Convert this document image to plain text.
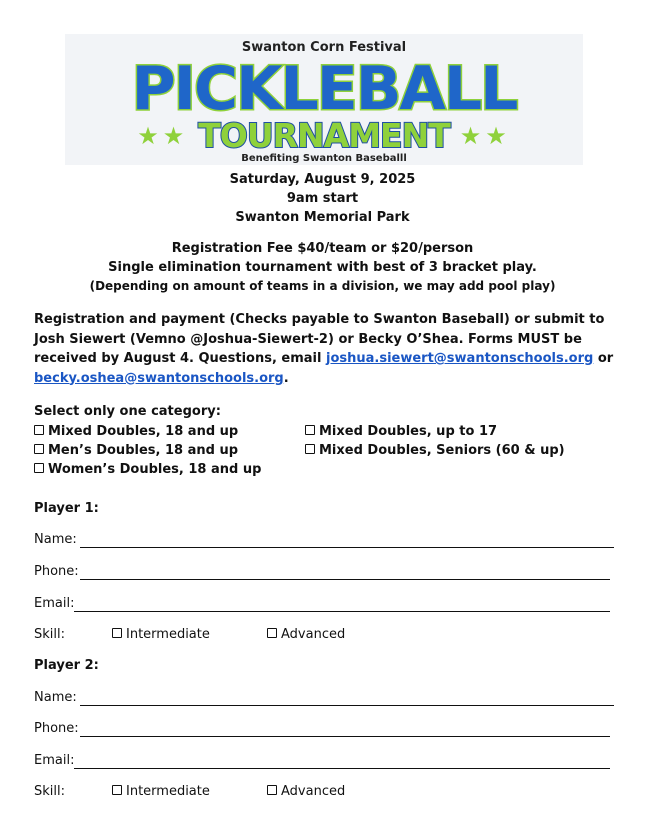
Swanton Corn Festival
PICKLEBALL
★★ TOURNAMENT ★★
Benefiting Swanton Baseballl
Saturday, August 9, 2025
9am start
Swanton Memorial Park
Registration Fee $40/team or $20/person
Single elimination tournament with best of 3 bracket play.
(Depending on amount of teams in a division, we may add pool play)
Registration and payment (Checks payable to Swanton Baseball) or submit to Josh Siewert (Vemno @Joshua-Siewert-2) or Becky O’Shea. Forms MUST be received by August 4. Questions, email joshua.siewert@swantonschools.org or becky.oshea@swantonschools.org.
Select only one category:
Mixed Doubles, 18 and up
Men’s Doubles, 18 and up
Women’s Doubles, 18 and up
Mixed Doubles, up to 17
Mixed Doubles, Seniors (60 & up)
Player 1:
Name:
Phone:
Email:
Skill:	Intermediate	Advanced
Player 2:
Name:
Phone:
Email:
Skill:	Intermediate	Advanced
